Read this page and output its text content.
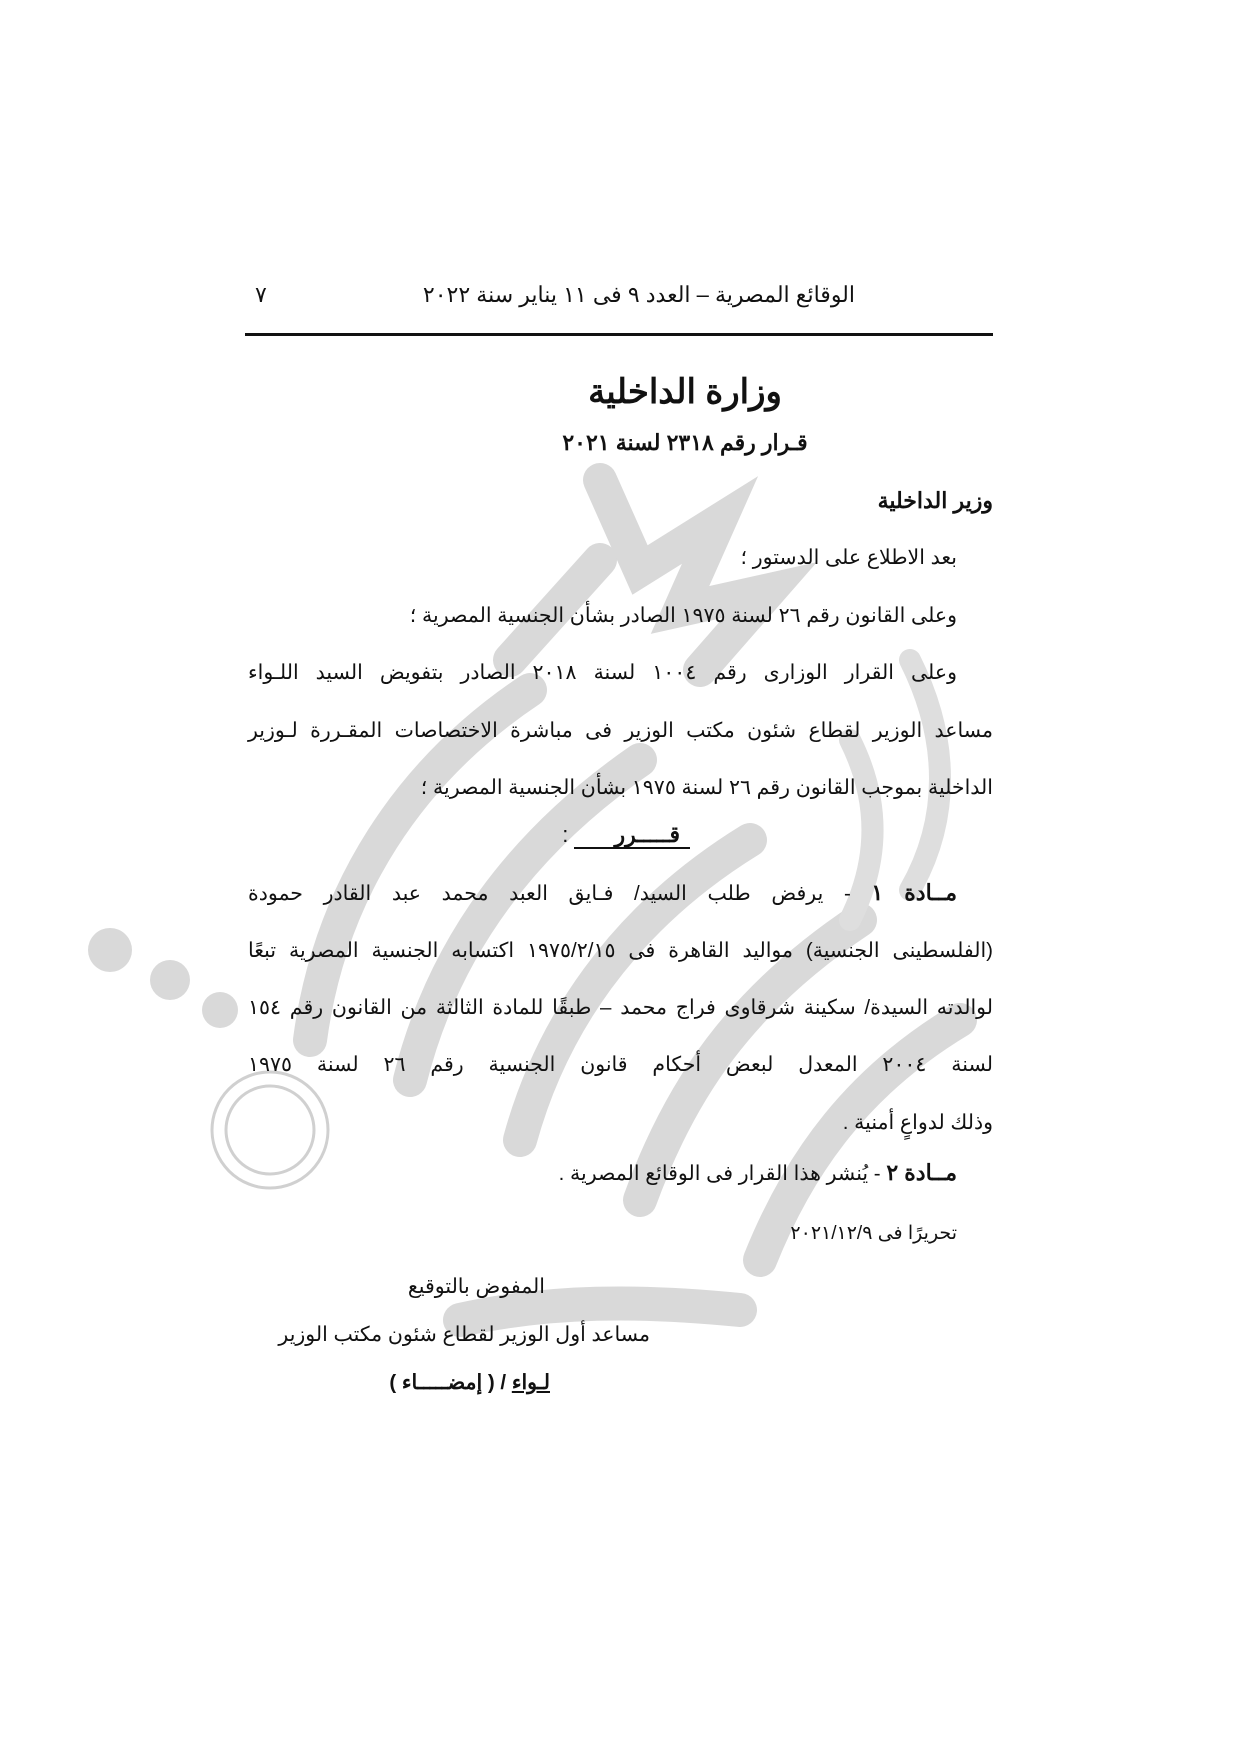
الوقائع المصرية – العدد ٩ فى ١١ يناير سنة ٢٠٢٢
٧
وزارة الداخلية
قـرار رقم ٢٣١٨ لسنة ٢٠٢١
وزير الداخلية
بعد الاطلاع على الدستور ؛
وعلى القانون رقم ٢٦ لسنة ١٩٧٥ الصادر بشأن الجنسية المصرية ؛
وعلى القرار الوزارى رقم ١٠٠٤ لسنة ٢٠١٨ الصادر بتفويض السيد اللـواء
مساعد الوزير لقطاع شئون مكتب الوزير فى مباشرة الاختصاصات المقـررة لـوزير
الداخلية بموجب القانون رقم ٢٦ لسنة ١٩٧٥ بشأن الجنسية المصرية ؛
قـــــرر :
مــادة ١ - يرفض طلب السيد/ فـايق العبد محمد عبد القادر حمودة
(الفلسطينى الجنسية) مواليد القاهرة فى ١٩٧٥/٢/١٥ اكتسابه الجنسية المصرية تبعًا
لوالدته السيدة/ سكينة شرقاوى فراج محمد – طبقًا للمادة الثالثة من القانون رقم ١٥٤
لسنة ٢٠٠٤ المعدل لبعض أحكام قانون الجنسية رقم ٢٦ لسنة ١٩٧٥
وذلك لدواعٍ أمنية .
مــادة ٢ - يُنشر هذا القرار فى الوقائع المصرية .
تحريرًا فى ٢٠٢١/١٢/٩
المفوض بالتوقيع
مساعد أول الوزير لقطاع شئون مكتب الوزير
لـواء / ( إمضـــــاء )
